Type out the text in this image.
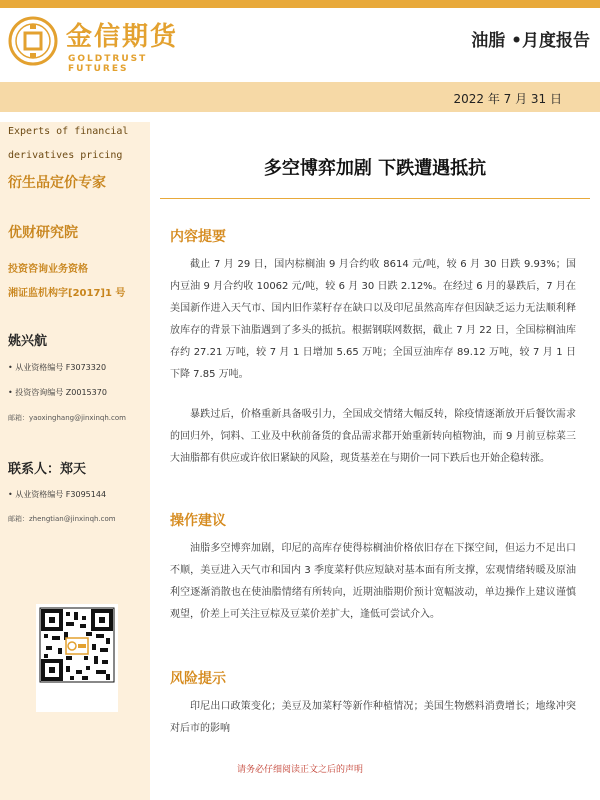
金信期货
GOLDTRUST FUTURES
油脂 •月度报告
2022 年 7 月 31 日
Experts of financial
derivatives pricing
衍生品定价专家
优财研究院
投资咨询业务资格
湘证监机构字[2017]1 号
姚兴航
• 从业资格编号 F3073320
• 投资咨询编号 Z0015370
邮箱：yaoxinghang@jinxinqh.com
联系人：郑天
• 从业资格编号 F3095144
邮箱：zhengtian@jinxinqh.com
多空博弈加剧 下跌遭遇抵抗
内容提要

截止 7 月 29 日，国内棕榈油 9 月合约收 8614 元/吨，较 6 月 30 日跌 9.93%；国内豆油 9 月合约收 10062 元/吨，较 6 月 30 日跌 2.12%。在经过 6 月的暴跌后，7 月在美国新作进入天气市、国内旧作菜籽存在缺口以及印尼虽然高库存但因缺乏运力无法顺利释放库存的背景下油脂遇到了多头的抵抗。根据钢联网数据，截止 7 月 22 日，全国棕榈油库存约 27.21 万吨，较 7 月 1 日增加 5.65 万吨；全国豆油库存 89.12 万吨，较 7 月 1 日下降 7.85 万吨。

暴跌过后，价格重新具备吸引力，全国成交情绪大幅反转，除疫情逐渐放开后餐饮需求的回归外，饲料、工业及中秋前备货的食品需求都开始重新转向植物油，而 9 月前豆棕菜三大油脂都有供应或许依旧紧缺的风险，现货基差在与期价一同下跌后也开始企稳转涨。

操作建议

油脂多空博弈加剧，印尼的高库存使得棕榈油价格依旧存在下探空间，但运力不足出口不顺，美豆进入天气市和国内 3 季度菜籽供应短缺对基本面有所支撑，宏观情绪转暖及原油利空逐渐消散也在使油脂情绪有所转向，近期油脂期价预计宽幅波动，单边操作上建议谨慎观望，价差上可关注豆棕及豆菜价差扩大，逢低可尝试介入。

风险提示

印尼出口政策变化；美豆及加菜籽等新作种植情况；美国生物燃料消费增长；地缘冲突对后市的影响

请务必仔细阅读正文之后的声明
